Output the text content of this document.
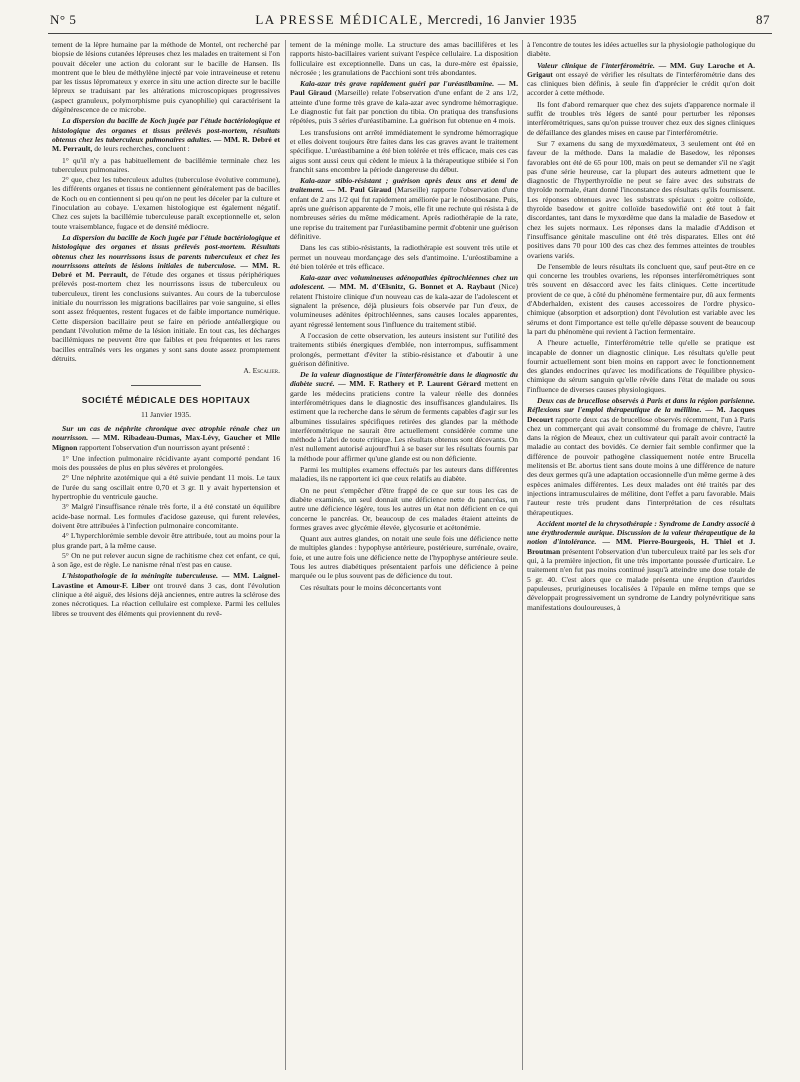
N° 5	LA PRESSE MÉDICALE, Mercredi, 16 Janvier 1935	87

tement de la lèpre humaine par la méthode de Montel, ont recherché par biopsie de lésions cutanées lépreuses chez les malades en traitement si l'on pouvait déceler une action du colorant sur le bacille de Hansen. Ils montrent que le bleu de méthylène injecté par voie intraveineuse et retenu par les tissus lépromateux y exerce in situ une action directe sur le bacille lépreux se traduisant par les altérations microscopiques progressives (aspect granuleux, polymorphisme puis cyanophilie) qui caractérisent la dégénérescence de ce microbe.

La dispersion du bacille de Koch jugée par l'étude bactériologique et histologique des organes et tissus prélevés post-mortem, résultats obtenus chez les tuberculeux pulmonaires adultes. — MM. R. Debré et M. Perrault, de leurs recherches, concluent :

1° qu'il n'y a pas habituellement de bacillémie terminale chez les tuberculeux pulmonaires.
2° que, chez les tuberculeux adultes (tuberculose évolutive commune), les différents organes et tissus ne contiennent généralement pas de bacilles de Koch ou en contiennent si peu qu'on ne peut les déceler par la culture et l'inoculation au cobaye. L'examen histologique est également négatif. Chez ces sujets la bacillémie tuberculeuse paraît exceptionnelle et, selon toute vraisemblance, fugace et de densité médiocre.

La dispersion du bacille de Koch jugée par l'étude bactériologique et histologique des organes et tissus prélevés post-mortem. Résultats obtenus chez les nourrissons issus de parents tuberculeux et chez les nourrissons atteints de lésions initiales de tuberculose. — MM. R. Debré et M. Perrault, de l'étude des organes et tissus périphériques prélevés post-mortem chez les nourrissons issus de tuberculeux ou tuberculeux, tirent les conclusions suivantes. Au cours de la tuberculose initiale du nourrisson les migrations bacillaires par voie sanguine, si elles sont assez fréquentes, restent fugaces et de faible importance numérique. Cette dispersion bacillaire peut se faire en période antéallergique ou pendant l'évolution même de la lésion initiale. En tout cas, les décharges bacillémiques ne peuvent être que faibles et peu fréquentes et les rares bacilles entraînés vers les organes y sont sans doute assez promptement détruits.

A. Escalier.
SOCIÉTÉ MÉDICALE DES HOPITAUX
11 Janvier 1935.

Sur un cas de néphrite chronique avec atrophie rénale chez un nourrisson. — MM. Ribadeau-Dumas, Max-Lévy, Gaucher et Mlle Mignon rapportent l'observation d'un nourrisson ayant présenté :

1° Une infection pulmonaire récidivante ayant comporté pendant 16 mois des poussées de plus en plus sévères et prolongées.
2° Une néphrite azotémique qui a été suivie pendant 11 mois. Le taux de l'urée du sang oscillait entre 0,70 et 3 gr. Il y avait hypertension et hypertrophie du ventricule gauche.
3° Malgré l'insuffisance rénale très forte, il a été constaté un équilibre acide-base normal. Les formules d'acidose gazeuse, qui furent relevées, doivent être attribuées à l'infection pulmonaire concomitante.
4° L'hyperchlorémie semble devoir être attribuée, tout au moins pour la plus grande part, à la même cause.
5° On ne put relever aucun signe de rachitisme chez cet enfant, ce qui, à son âge, est de règle. Le nanisme rénal n'est pas en cause.

L'histopathologie de la méningite tuberculeuse. — MM. Laignel-Lavastine et Amour-F. Liber ont trouvé dans 3 cas, dont l'évolution clinique a été aiguë, des lésions déjà anciennes, entre autres la sclérose des zones nécrotiques. La réaction cellulaire est complexe. Parmi les cellules libres se trouvent des éléments qui proviennent du revê-

tement de la méninge molle. La structure des amas bacillifères et les rapports histo-bacillaires varient suivant l'espèce cellulaire. La disposition folliculaire est exceptionnelle. Dans un cas, la dure-mère est épaissie, nécrosée ; les granulations de Pacchioni sont très abondantes.

Kala-azar très grave rapidement guéri par l'uréastibamine. — M. Paul Giraud (Marseille) relate l'observation d'une enfant de 2 ans 1/2, atteinte d'une forme très grave de kala-azar avec syndrome hémorragique. Le diagnostic fut fait par ponction du tibia. On pratiqua des transfusions répétées, puis 3 séries d'uréastibamine. La guérison fut obtenue en 4 mois.

Les transfusions ont arrêté immédiatement le syndrome hémorragique et elles doivent toujours être faites dans les cas graves avant le traitement spécifique. L'uréastibamine a été bien tolérée et très efficace, mais ces cas aigus sont aussi ceux qui cèdent le mieux à la thérapeutique stibiée si l'on franchit sans encombre la période dangereuse du début.

Kala-azar stibio-résistant ; guérison après deux ans et demi de traitement. — M. Paul Giraud (Marseille) rapporte l'observation d'une enfant de 2 ans 1/2 qui fut rapidement améliorée par le néostibosane. Puis, après une guérison apparente de 7 mois, elle fit une rechute qui résista à de nombreuses séries du même médicament. Après radiothérapie de la rate, une reprise du traitement par l'uréastibamine permit d'obtenir une guérison définitive.

Dans les cas stibio-résistants, la radiothérapie est souvent très utile et permet un nouveau mordançage des sels d'antimoine. L'uréostibamine a été bien tolérée et très efficace.

Kala-azar avec volumineuses adénopathies épitrochléennes chez un adolescent. — MM. M. d'Œlsnitz, G. Bonnet et A. Raybaut (Nice) relatent l'histoire clinique d'un nouveau cas de kala-azar de l'adolescent et signalent la présence, déjà plusieurs fois observée par l'un d'eux, de volumineuses adénites épitrochléennes, sans causes locales apparentes, ayant régressé lentement sous l'influence du traitement stibié.

A l'occasion de cette observation, les auteurs insistent sur l'utilité des traitements stibiés énergiques d'emblée, non interrompus, suffisamment prolongés, permettant d'éviter la stibio-résistance et d'aboutir à une guérison définitive.

De la valeur diagnostique de l'interférométrie dans le diagnostic du diabète sucré. — MM. F. Rathery et P. Laurent Gérard mettent en garde les médecins praticiens contre la valeur réelle des données interférométriques dans le diagnostic des insuffisances glandulaires. Ils estiment que la recherche dans le sérum de ferments capables d'agir sur les albumines tissulaires spécifiques retirées des glandes par la méthode interférométrique ne saurait être actuellement considérée comme une méthode à l'abri de toute critique. Les résultats obtenus sont décevants. On n'est nullement autorisé aujourd'hui à se baser sur les résultats fournis par la méthode pour affirmer qu'une glande est ou non déficiente.

Parmi les multiples examens effectués par les auteurs dans différentes maladies, ils ne rapportent ici que ceux relatifs au diabète.

On ne peut s'empêcher d'être frappé de ce que sur tous les cas de diabète examinés, un seul donnait une déficience nette du pancréas, un autre une déficience légère, tous les autres un état non déficient en ce qui concerne le pancréas. Or, beaucoup de ces malades étaient atteints de formes graves avec glycémie élevée, glycosurie et acétonémie.

Quant aux autres glandes, on notait une seule fois une déficience nette de multiples glandes : hypophyse antérieure, postérieure, surrénale, ovaire, foie, et une autre fois une déficience nette de l'hypophyse antérieure seule. Tous les autres diabétiques présentaient parfois une déficience à peine marquée ou le plus souvent pas de déficience du tout.

Ces résultats pour le moins déconcertants vont

à l'encontre de toutes les idées actuelles sur la physiologie pathologique du diabète.

Valeur clinique de l'interférométrie. — MM. Guy Laroche et A. Grigaut ont essayé de vérifier les résultats de l'interférométrie dans des cas cliniques bien définis, à seule fin d'apprécier le crédit qu'on doit accorder à cette méthode.

Ils font d'abord remarquer que chez des sujets d'apparence normale il suffit de troubles très légers de santé pour perturber les réponses interférométriques, sans qu'on puisse trouver chez eux des signes cliniques de défaillance des glandes mises en cause par l'interférométrie.

Sur 7 examens du sang de myxœdémateux, 3 seulement ont été en faveur de la méthode. Dans la maladie de Basedow, les réponses favorables ont été de 65 pour 100, mais on peut se demander s'il ne s'agit pas d'une série heureuse, car la plupart des auteurs admettent que le diagnostic de l'hyperthyroïdie ne peut se faire avec des substrats de thyroïde normale, étant donné l'inconstance des résultats qu'ils fournissent. Les réponses obtenues avec les substrats spéciaux : goitre colloïde, thyroïde basedow et goitre colloïde basedowifié ont été tout à fait discordantes, tant dans le myxœdème que dans la maladie de Basedow et chez les sujets normaux. Les réponses dans la maladie d'Addison et l'insuffisance génitale masculine ont été très disparates. Elles ont été positives dans 70 pour 100 des cas chez des femmes atteintes de troubles ovariens variés.

De l'ensemble de leurs résultats ils concluent que, sauf peut-être en ce qui concerne les troubles ovariens, les réponses interférométriques sont très souvent en désaccord avec les faits cliniques. Cette incertitude provient de ce que, à côté du phénomène fermentaire pur, dû aux ferments d'Abderhalden, existent des causes accessoires de l'ordre physico-chimique (absorption et adsorption) dont l'évolution est variable avec les sérums et dont l'importance est telle qu'elle dépasse souvent de beaucoup la part du phénomène qui revient à l'action fermentaire.

A l'heure actuelle, l'interférométrie telle qu'elle se pratique est incapable de donner un diagnostic clinique. Les résultats qu'elle peut fournir actuellement sont bien moins en rapport avec le fonctionnement des glandes endocrines qu'avec les modifications de l'équilibre physico-chimique du sérum sanguin qu'elle révèle dans l'état de malade ou sous l'influence de diverses causes physiologiques.

Deux cas de brucellose observés à Paris et dans la région parisienne. Réflexions sur l'emploi thérapeutique de la méliline. — M. Jacques Decourt rapporte deux cas de brucellose observés récemment, l'un à Paris chez un commerçant qui avait consommé du fromage de chèvre, l'autre dans la région de Meaux, chez un cultivateur qui paraît avoir contracté la maladie au contact des bovidés. Ce dernier fait semble confirmer que la différence de pouvoir pathogène classiquement notée entre Brucella melitensis et Br. abortus tient sans doute moins à une différence de nature des deux germes qu'à une adaptation occasionnelle d'un même germe à des espèces animales différentes. Les deux malades ont été traités par des injections intramusculaires de mélitine, dont l'effet a paru favorable. Mais l'auteur reste très prudent dans l'interprétation de ces résultats thérapeutiques.

Accident mortel de la chrysothérapie : Syndrome de Landry associé à une érythrodermie aurique. Discussion de la valeur thérapeutique de la notion d'intolérance. — MM. Pierre-Bourgeois, H. Thiel et J. Broutman présentent l'observation d'un tuberculeux traité par les sels d'or qui, à la première injection, fit une très importante poussée d'urticaire. Le traitement n'en fut pas moins continué jusqu'à atteindre une dose totale de 5 gr. 40. C'est alors que ce malade présenta une éruption d'aurides papuleuses, prurigineuses localisées à l'épaule en même temps que se développait progressivement un syndrome de Landry polynévritique sans manifestations douloureuses, à
